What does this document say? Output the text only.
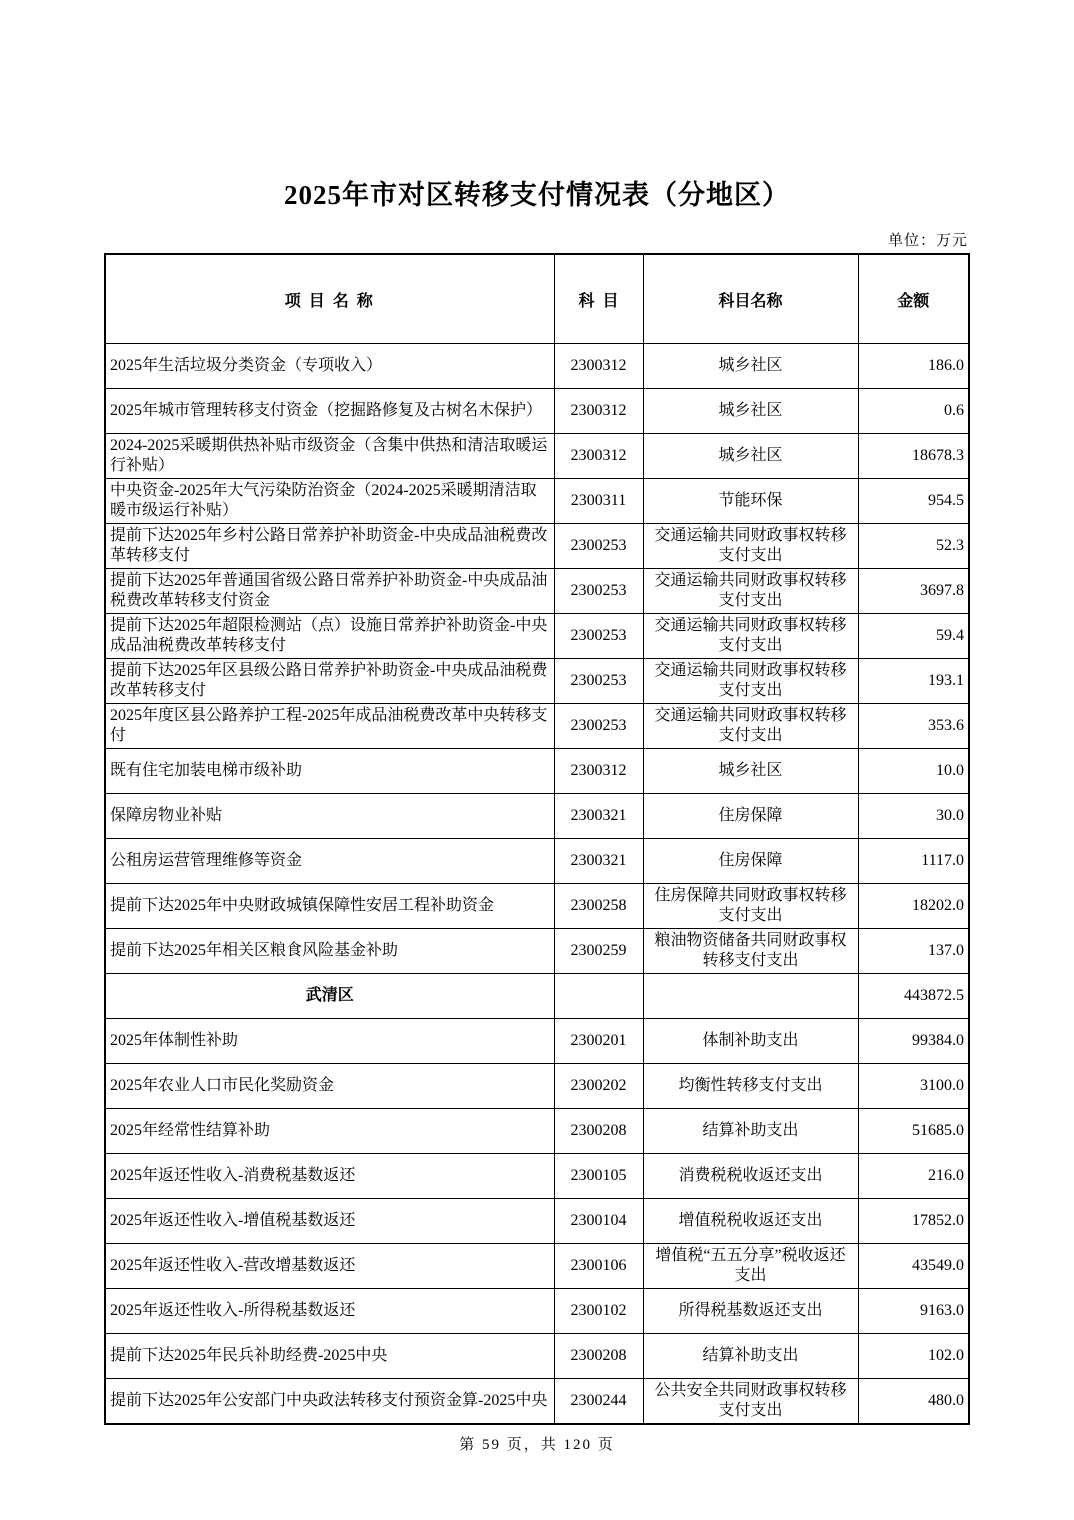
2025年市对区转移支付情况表（分地区）
单位：万元
项 目 名 称	科  目	科目名称	金额
2025年生活垃圾分类资金（专项收入）	2300312	城乡社区	186.0
2025年城市管理转移支付资金（挖掘路修复及古树名木保护）	2300312	城乡社区	0.6
2024-2025采暖期供热补贴市级资金（含集中供热和清洁取暖运行补贴）	2300312	城乡社区	18678.3
中央资金-2025年大气污染防治资金（2024-2025采暖期清洁取暖市级运行补贴）	2300311	节能环保	954.5
提前下达2025年乡村公路日常养护补助资金-中央成品油税费改革转移支付	2300253	交通运输共同财政事权转移支付支出	52.3
提前下达2025年普通国省级公路日常养护补助资金-中央成品油税费改革转移支付资金	2300253	交通运输共同财政事权转移支付支出	3697.8
提前下达2025年超限检测站（点）设施日常养护补助资金-中央成品油税费改革转移支付	2300253	交通运输共同财政事权转移支付支出	59.4
提前下达2025年区县级公路日常养护补助资金-中央成品油税费改革转移支付	2300253	交通运输共同财政事权转移支付支出	193.1
2025年度区县公路养护工程-2025年成品油税费改革中央转移支付	2300253	交通运输共同财政事权转移支付支出	353.6
既有住宅加装电梯市级补助	2300312	城乡社区	10.0
保障房物业补贴	2300321	住房保障	30.0
公租房运营管理维修等资金	2300321	住房保障	1117.0
提前下达2025年中央财政城镇保障性安居工程补助资金	2300258	住房保障共同财政事权转移支付支出	18202.0
提前下达2025年相关区粮食风险基金补助	2300259	粮油物资储备共同财政事权转移支付支出	137.0
武清区			443872.5
2025年体制性补助	2300201	体制补助支出	99384.0
2025年农业人口市民化奖励资金	2300202	均衡性转移支付支出	3100.0
2025年经常性结算补助	2300208	结算补助支出	51685.0
2025年返还性收入-消费税基数返还	2300105	消费税税收返还支出	216.0
2025年返还性收入-增值税基数返还	2300104	增值税税收返还支出	17852.0
2025年返还性收入-营改增基数返还	2300106	增值税“五五分享”税收返还支出	43549.0
2025年返还性收入-所得税基数返还	2300102	所得税基数返还支出	9163.0
提前下达2025年民兵补助经费-2025中央	2300208	结算补助支出	102.0
提前下达2025年公安部门中央政法转移支付预资金算-2025中央	2300244	公共安全共同财政事权转移支付支出	480.0
第 59 页，共 120 页
